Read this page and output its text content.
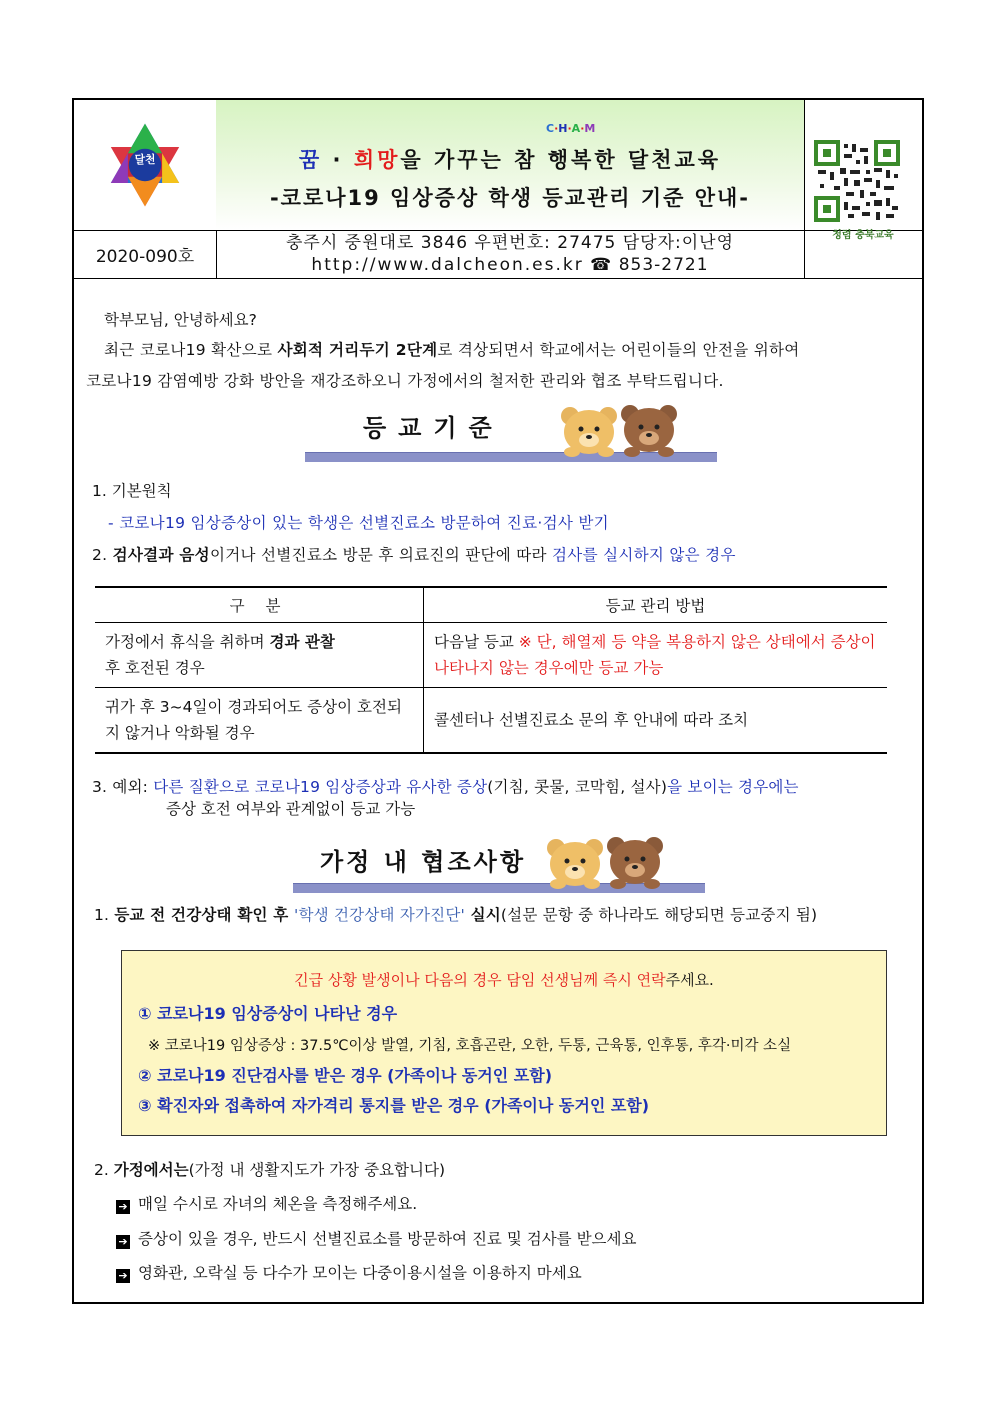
달천
C·H·A·M
꿈 · 희망을 가꾸는 참 행복한 달천교육
-코로나19 임상증상 학생 등교관리 기준 안내-
청렴 충북교육
2020-090호
충주시 중원대로 3846 우편번호: 27475 담당자:이난영
http://www.dalcheon.es.kr ☎ 853-2721
학부모님, 안녕하세요?
최근 코로나19 확산으로 사회적 거리두기 2단계로 격상되면서 학교에서는 어린이들의 안전을 위하여
코로나19 감염예방 강화 방안을 재강조하오니 가정에서의 철저한 관리와 협조 부탁드립니다.
등교기준
1. 기본원칙
- 코로나19 임상증상이 있는 학생은 선별진료소 방문하여 진료·검사 받기
2. 검사결과 음성이거나 선별진료소 방문 후 의료진의 판단에 따라 검사를 실시하지 않은 경우
구 분	등교 관리 방법
가정에서 휴식을 취하며 경과 관찰
후 호전된 경우	다음날 등교 ※ 단, 해열제 등 약을 복용하지 않은 상태에서 증상이 나타나지 않는 경우에만 등교 가능
귀가 후 3~4일이 경과되어도 증상이 호전되지 않거나 악화될 경우	콜센터나 선별진료소 문의 후 안내에 따라 조치
3. 예외: 다른 질환으로 코로나19 임상증상과 유사한 증상(기침, 콧물, 코막힘, 설사)을 보이는 경우에는
증상 호전 여부와 관계없이 등교 가능
가정 내 협조사항
1. 등교 전 건강상태 확인 후 '학생 건강상태 자가진단' 실시(설문 문항 중 하나라도 해당되면 등교중지 됨)
긴급 상황 발생이나 다음의 경우 담임 선생님께 즉시 연락주세요.
① 코로나19 임상증상이 나타난 경우
※ 코로나19 임상증상 : 37.5℃이상 발열, 기침, 호흡곤란, 오한, 두통, 근육통, 인후통, 후각·미각 소실
② 코로나19 진단검사를 받은 경우 (가족이나 동거인 포함)
③ 확진자와 접촉하여 자가격리 통지를 받은 경우 (가족이나 동거인 포함)
2. 가정에서는(가정 내 생활지도가 가장 중요합니다)
➔ 매일 수시로 자녀의 체온을 측정해주세요.
➔ 증상이 있을 경우, 반드시 선별진료소를 방문하여 진료 및 검사를 받으세요
➔ 영화관, 오락실 등 다수가 모이는 다중이용시설을 이용하지 마세요
